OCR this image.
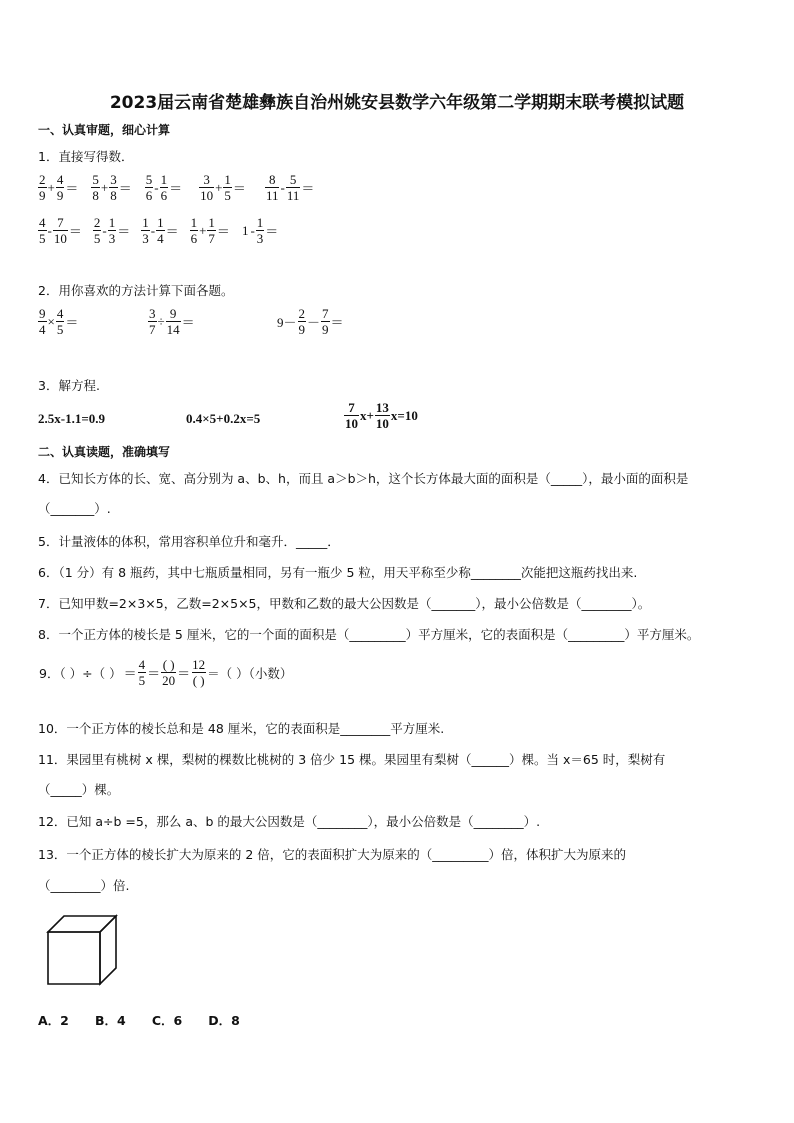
2023届云南省楚雄彝族自治州姚安县数学六年级第二学期期末联考模拟试题
一、认真审题，细心计算
1．直接写得数．
2
9
+ $\frac{4}{9}$ ＝
5
8
+ $\frac{3}{8}$ ＝
5
6
- 1
6 ＝
3
10
+ $\frac{1}{5}$ ＝
8
11
- 5
11 ＝
4
5
- 7
10 ＝
2
5
- 1
3 ＝
1
3
- 1
4 ＝
1
6
+ $\frac{1}{7} = 1 - 1$
3 ＝
2．用你喜欢的方法计算下面各题。
$\frac{9}{4} \times \frac{4}{5}$ ＝	$\frac{3}{7} \div \frac{9}{14}$ ＝	9－
2
9 －
7
9 ＝
3．解方程.
2.5x-1.1=0.9	0.4×5+0.2x=5
7
10
$x+ \frac{13}{10} x=10$
二、认真读题，准确填写
4．已知长方体的长、宽、高分别为 a、b、h，而且 a＞b＞h，这个长方体最大面的面积是（_____），最小面的面积是
（_______）.
5．计量液体的体积，常用容积单位升和毫升．_____．
6．（1 分）有 8 瓶药，其中七瓶质量相同，另有一瓶少 5 粒，用天平称至少称________次能把这瓶药找出来.
7．已知甲数=2×3×5，乙数=2×5×5，甲数和乙数的最大公因数是（_______），最小公倍数是（________）。
8．一个正方体的棱长是 5 厘米，它的一个面的面积是（_________）平方厘米，它的表面积是（_________）平方厘米。
9．（ ）÷（ ） ＝
4
5 ＝
( )
20 ＝
12
( ) ＝（ ）（小数）
10．一个正方体的棱长总和是 48 厘米，它的表面积是________平方厘米.
11．果园里有桃树 x 棵，梨树的棵数比桃树的 3 倍少 15 棵。果园里有梨树（______）棵。当 x＝65 时，梨树有
（_____）棵。
12．已知 a÷b =5，那么 a、b 的最大公因数是（________），最小公倍数是（________）.
13．一个正方体的棱长扩大为原来的 2 倍，它的表面积扩大为原来的（_________）倍，体积扩大为原来的
（________）倍.
A．2      B．4      C．6      D．8
